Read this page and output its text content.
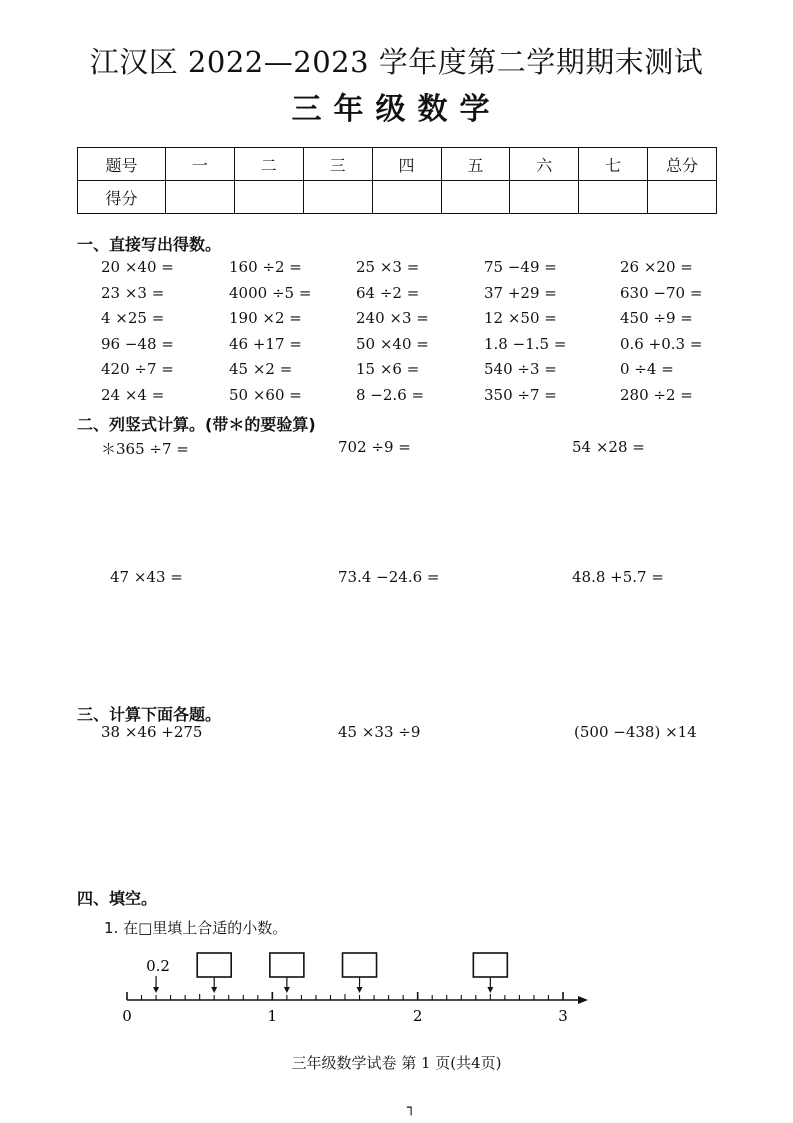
江汉区 2022—2023 学年度第二学期期末测试
三年级数学
题号	一	二	三	四	五	六	七	总分
得分								
一、直接写出得数。
20 ×40 =	160 ÷2 =	25 ×3 =	75 −49 =	26 ×20 =
23 ×3 =	4000 ÷5 =	64 ÷2 =	37 +29 =	630 −70 =
4 ×25 =	190 ×2 =	240 ×3 =	12 ×50 =	450 ÷9 =
96 −48 =	46 +17 =	50 ×40 =	1.8 −1.5 =	0.6 +0.3 =
420 ÷7 =	45 ×2 =	15 ×6 =	540 ÷3 =	0 ÷4 =
24 ×4 =	50 ×60 =	8 −2.6 =	350 ÷7 =	280 ÷2 =
二、列竖式计算。(带＊的要验算)
＊365 ÷7 =	702 ÷9 =	54 ×28 =
47 ×43 =	73.4 −24.6 =	48.8 +5.7 =
三、计算下面各题。
38 ×46 +275	45 ×33 ÷9	(500 −438) ×14
四、填空。
1. 在□里填上合适的小数。
0	1	2	3
0.2
三年级数学试卷 第 1 页(共4页)
┐
